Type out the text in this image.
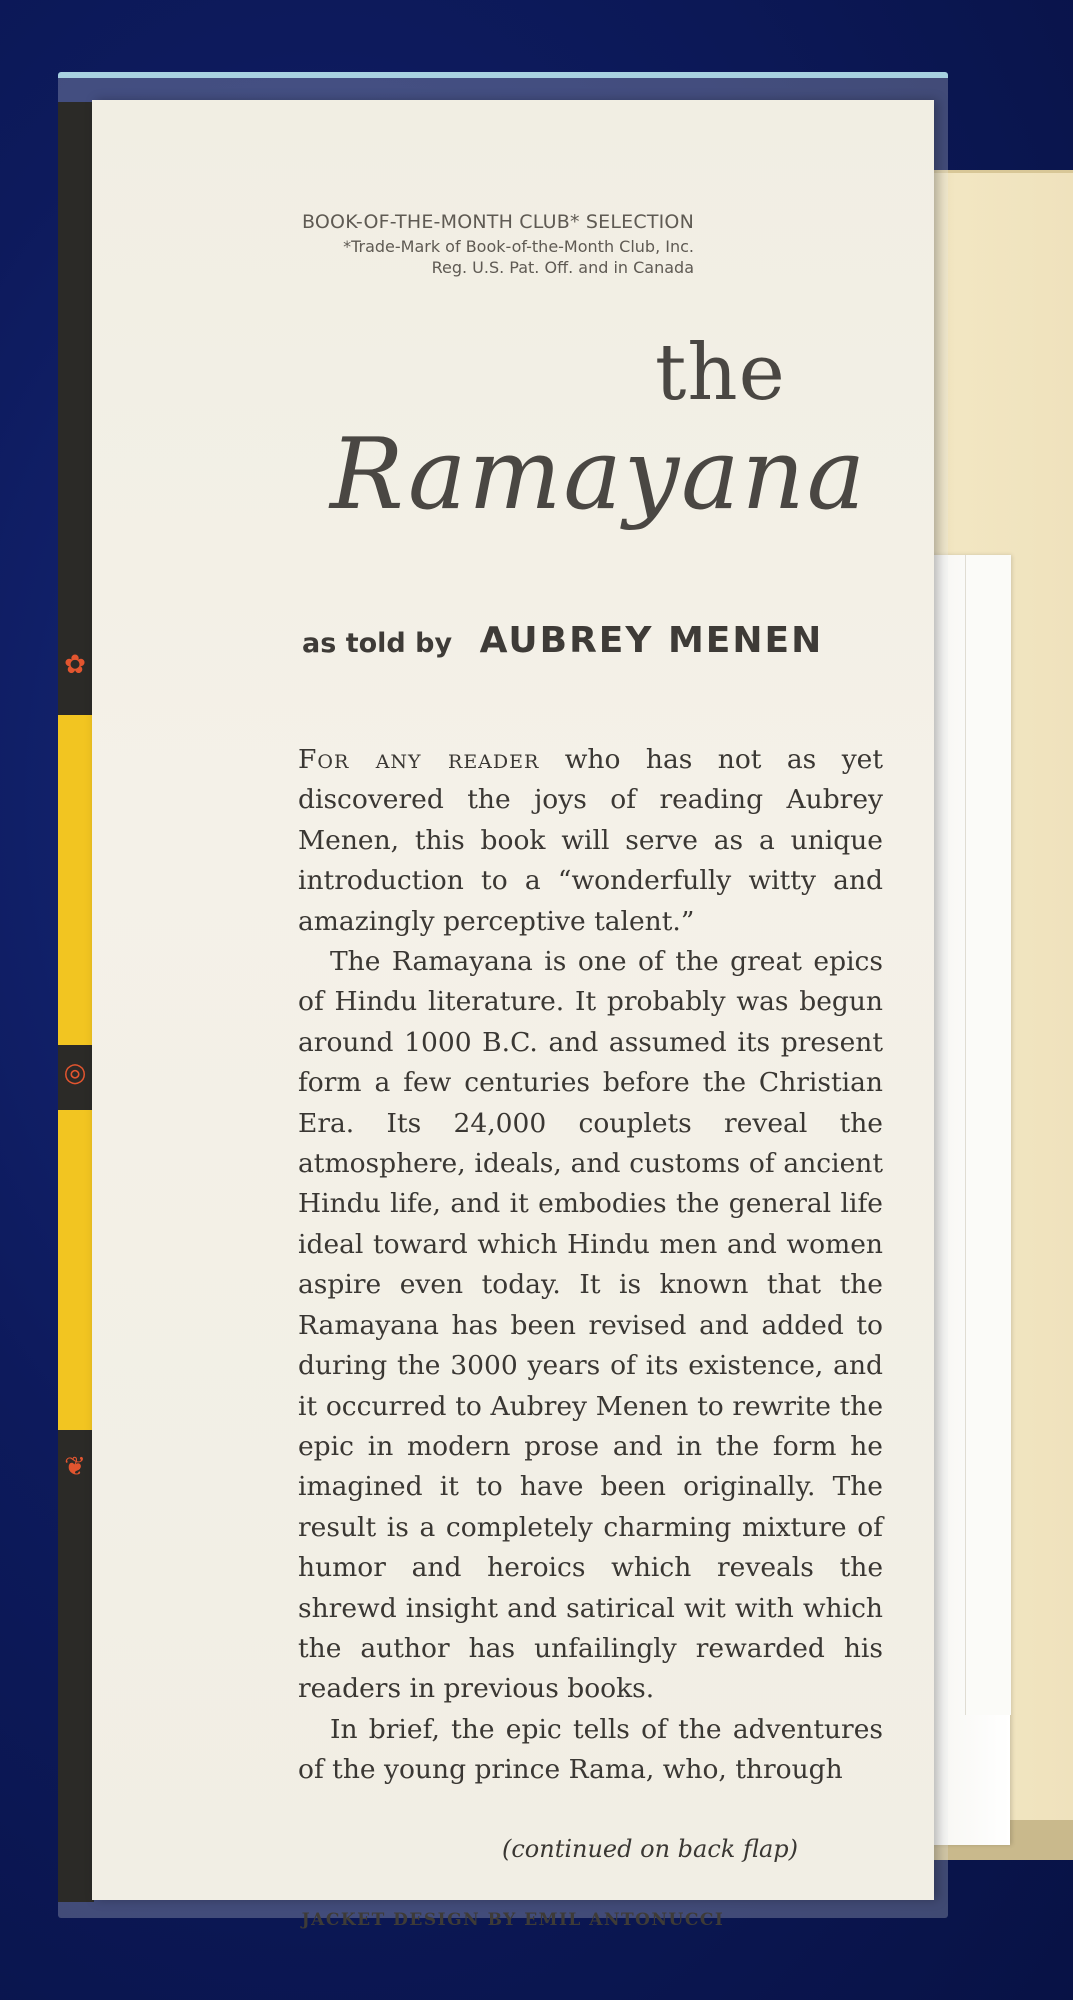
✿
◎
❦
BOOK-OF-THE-MONTH CLUB* SELECTION
*Trade-Mark of Book-of-the-Month Club, Inc.
Reg. U.S. Pat. Off. and in Canada
the
Ramayana
as told by AUBREY MENEN

For any reader who has not as yet discovered the joys of reading Aubrey Menen, this book will serve as a unique introduction to a “wonderfully witty and amazingly perceptive talent.”

The Ramayana is one of the great epics of Hindu literature. It probably was begun around 1000 B.C. and assumed its present form a few centuries before the Christian Era. Its 24,000 couplets reveal the atmosphere, ideals, and customs of ancient Hindu life, and it embodies the general life ideal toward which Hindu men and women aspire even today. It is known that the Ramayana has been revised and added to during the 3000 years of its existence, and it occurred to Aubrey Menen to rewrite the epic in modern prose and in the form he imagined it to have been originally. The result is a completely charming mixture of humor and heroics which reveals the shrewd insight and satirical wit with which the author has unfailingly rewarded his readers in previous books.

In brief, the epic tells of the adventures of the young prince Rama, who, through

(continued on back flap)
JACKET DESIGN BY EMIL ANTONUCCI
